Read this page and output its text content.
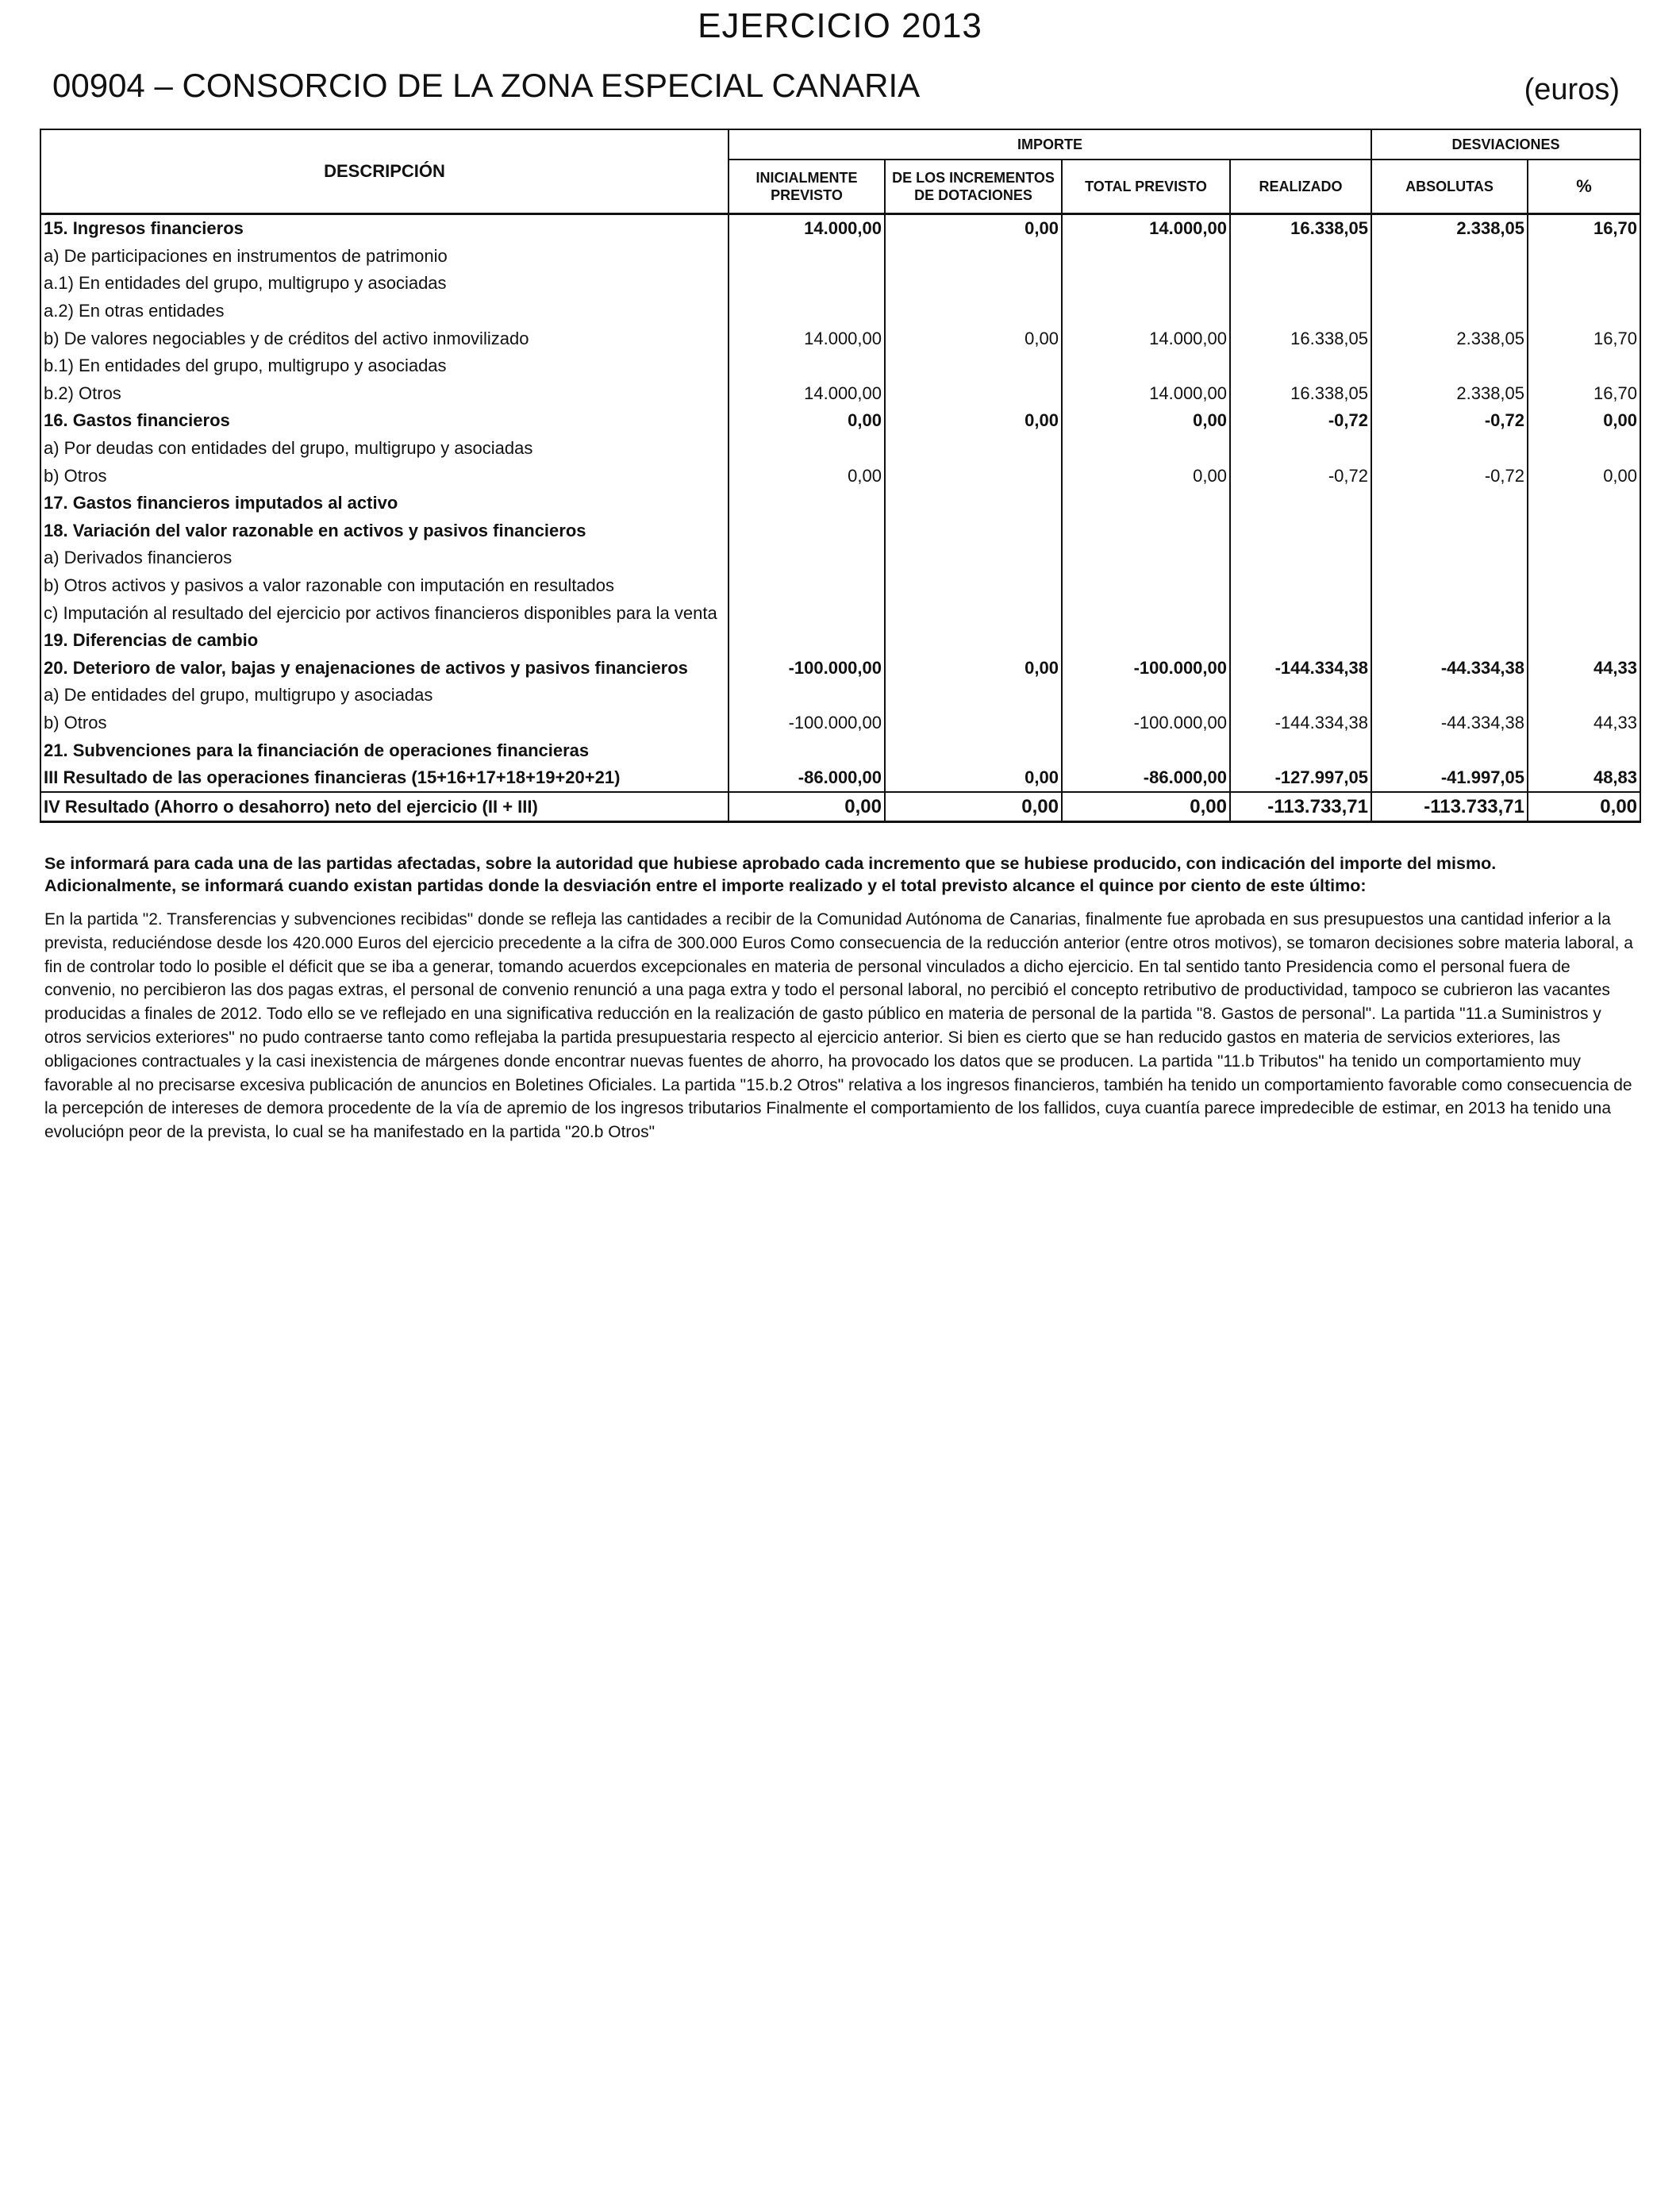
EJERCICIO 2013
00904 – CONSORCIO DE LA ZONA ESPECIAL CANARIA	(euros)
DESCRIPCIÓN	IMPORTE				DESVIACIONES	
	INICIALMENTE PREVISTO	DE LOS INCREMENTOS DE DOTACIONES	TOTAL PREVISTO	REALIZADO	ABSOLUTAS	%
15. Ingresos financieros	14.000,00	0,00	14.000,00	16.338,05	2.338,05	16,70
a) De participaciones en instrumentos de patrimonio						
a.1) En entidades del grupo, multigrupo y asociadas						
a.2) En otras entidades						
b) De valores negociables y de créditos del activo inmovilizado	14.000,00	0,00	14.000,00	16.338,05	2.338,05	16,70
b.1) En entidades del grupo, multigrupo y asociadas						
b.2) Otros	14.000,00		14.000,00	16.338,05	2.338,05	16,70
16. Gastos financieros	0,00	0,00	0,00	-0,72	-0,72	0,00
a) Por deudas con entidades del grupo, multigrupo y asociadas						
b) Otros	0,00		0,00	-0,72	-0,72	0,00
17. Gastos financieros imputados al activo						
18. Variación del valor razonable en activos y pasivos financieros						
a) Derivados financieros						
b) Otros activos y pasivos a valor razonable con imputación en resultados						
c) Imputación al resultado del ejercicio por activos financieros disponibles para la venta						
19. Diferencias de cambio						
20. Deterioro de valor, bajas y enajenaciones de activos y pasivos financieros	-100.000,00	0,00	-100.000,00	-144.334,38	-44.334,38	44,33
a) De entidades del grupo, multigrupo y asociadas						
b) Otros	-100.000,00		-100.000,00	-144.334,38	-44.334,38	44,33
21. Subvenciones para la financiación de operaciones financieras						
III Resultado de las operaciones financieras (15+16+17+18+19+20+21)	-86.000,00	0,00	-86.000,00	-127.997,05	-41.997,05	48,83
IV Resultado (Ahorro o desahorro) neto del ejercicio (II + III)	0,00	0,00	0,00	-113.733,71	-113.733,71	0,00
Se informará para cada una de las partidas afectadas, sobre la autoridad que hubiese aprobado cada incremento que se hubiese producido, con indicación del importe del mismo. Adicionalmente, se informará cuando existan partidas donde la desviación entre el importe realizado y el total previsto alcance el quince por ciento de este último:
En la partida "2. Transferencias y subvenciones recibidas" donde se refleja las cantidades a recibir de la Comunidad Autónoma de Canarias, finalmente fue aprobada en sus presupuestos una cantidad inferior a la prevista, reduciéndose desde los 420.000 Euros del ejercicio precedente a la cifra de 300.000 Euros Como consecuencia de la reducción anterior (entre otros motivos), se tomaron decisiones sobre materia laboral, a fin de controlar todo lo posible el déficit que se iba a generar, tomando acuerdos excepcionales en materia de personal vinculados a dicho ejercicio. En tal sentido tanto Presidencia como el personal fuera de convenio, no percibieron las dos pagas extras, el personal de convenio renunció a una paga extra y todo el personal laboral, no percibió el concepto retributivo de productividad, tampoco se cubrieron las vacantes producidas a finales de 2012. Todo ello se ve reflejado en una significativa reducción en la realización de gasto público en materia de personal de la partida "8. Gastos de personal". La partida "11.a Suministros y otros servicios exteriores" no pudo contraerse tanto como reflejaba la partida presupuestaria respecto al ejercicio anterior. Si bien es cierto que se han reducido gastos en materia de servicios exteriores, las obligaciones contractuales y la casi inexistencia de márgenes donde encontrar nuevas fuentes de ahorro, ha provocado los datos que se producen. La partida "11.b Tributos" ha tenido un comportamiento muy favorable al no precisarse excesiva publicación de anuncios en Boletines Oficiales. La partida "15.b.2 Otros" relativa a los ingresos financieros, también ha tenido un comportamiento favorable como consecuencia de la percepción de intereses de demora procedente de la vía de apremio de los ingresos tributarios Finalmente el comportamiento de los fallidos, cuya cuantía parece impredecible de estimar, en 2013 ha tenido una evoluciópn peor de la prevista, lo cual se ha manifestado en la partida "20.b Otros"
